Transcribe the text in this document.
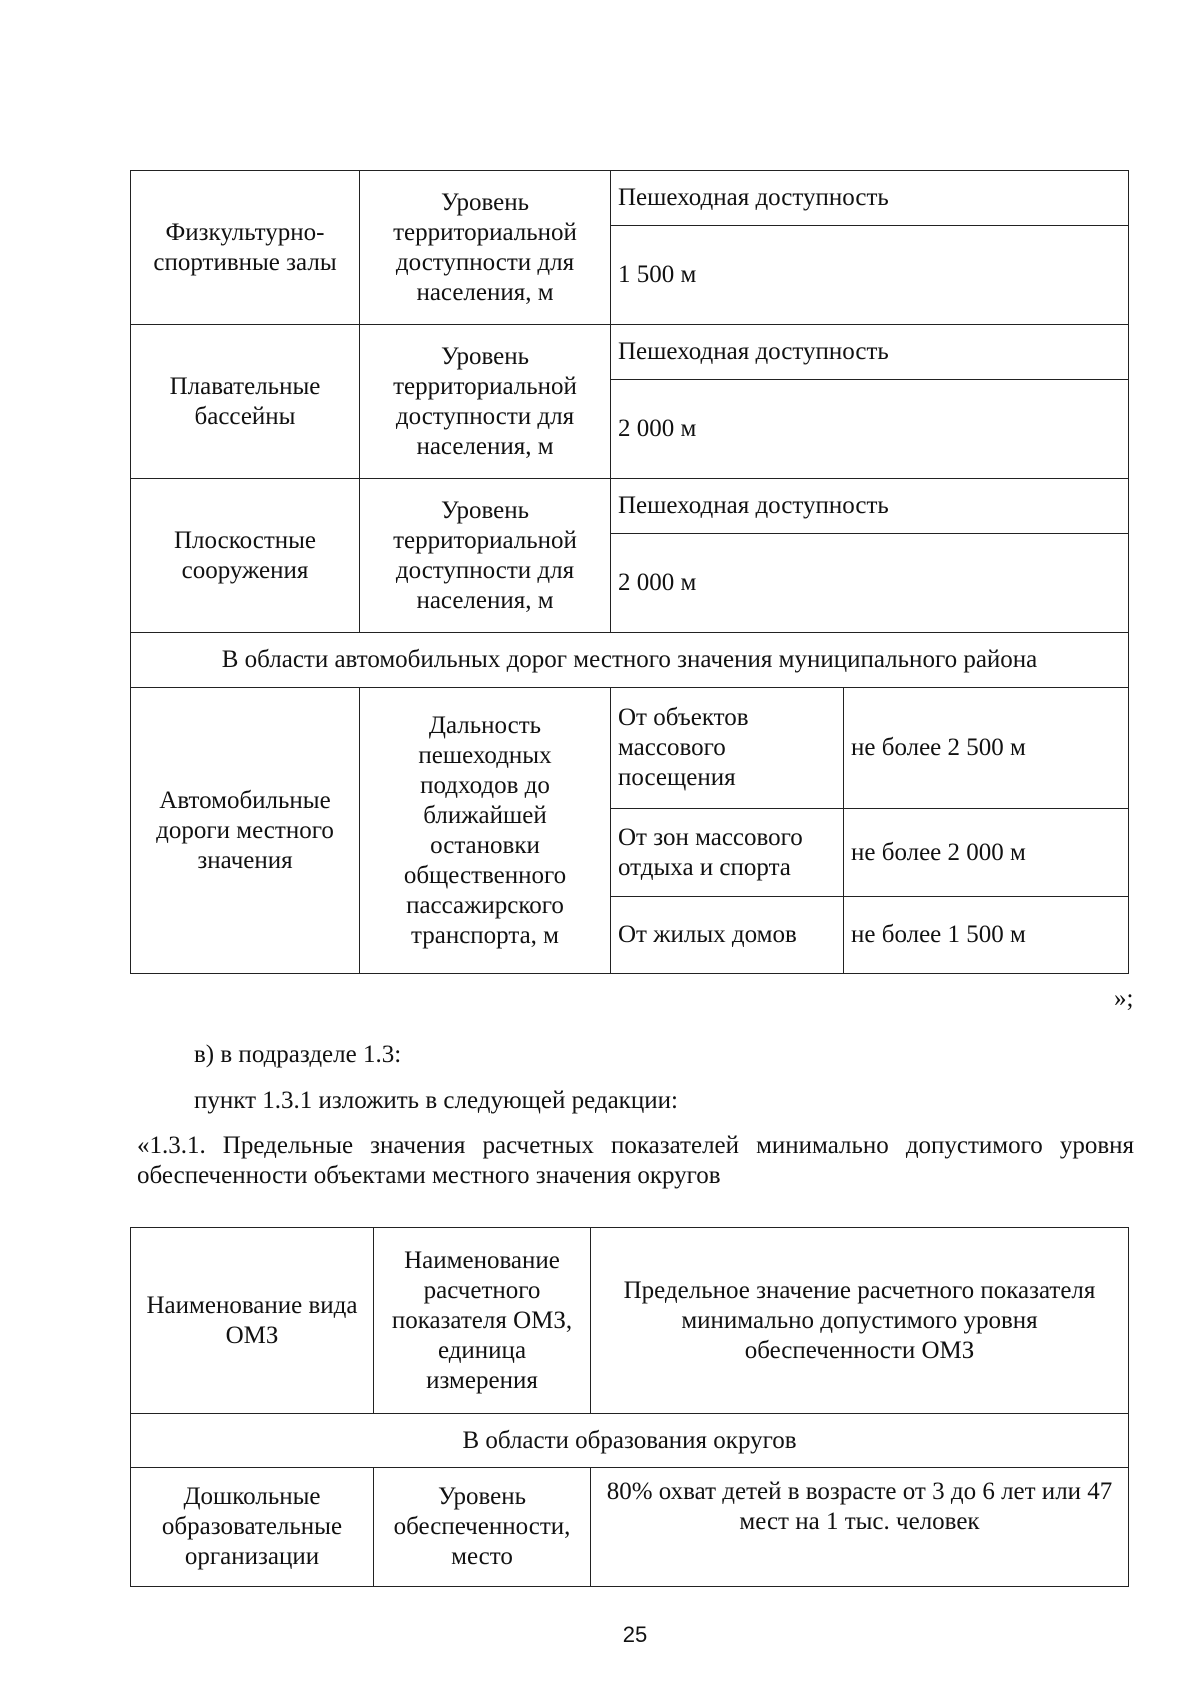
Физкультурно-спортивные залы	Уровень территориальной доступности для населения, м	Пешеходная доступность	
		1 500 м	
Плавательные бассейны	Уровень территориальной доступности для населения, м	Пешеходная доступность	
		2 000 м	
Плоскостные сооружения	Уровень территориальной доступности для населения, м	Пешеходная доступность	
		2 000 м	
В области автомобильных дорог местного значения муниципального района			
Автомобильные дороги местного значения	Дальность пешеходных подходов до ближайшей остановки общественного пассажирского транспорта, м	От объектов массового посещения	не более 2 500 м
		От зон массового отдыха и спорта	не более 2 000 м
		От жилых домов	не более 1 500 м
»;
в) в подразделе 1.3:
пункт 1.3.1 изложить в следующей редакции:
«1.3.1. Предельные значения расчетных показателей минимально допустимого уровня обеспеченности объектами местного значения округов
Наименование вида ОМЗ	Наименование расчетного показателя ОМЗ, единица измерения	Предельное значение расчетного показателя минимально допустимого уровня обеспеченности ОМЗ
В области образования округов		
Дошкольные образовательные организации	Уровень обеспеченности, место	80% охват детей в возрасте от 3 до 6 лет или 47 мест на 1 тыс. человек
25
